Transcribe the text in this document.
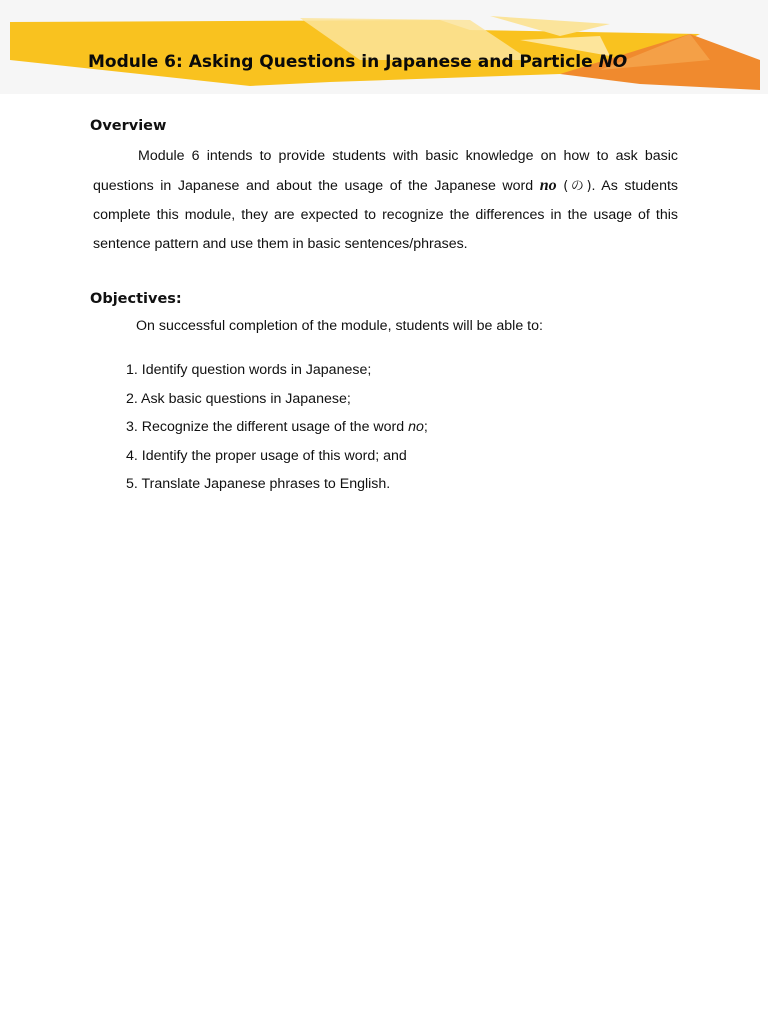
Module 6: Asking Questions in Japanese and Particle NO
Overview

Module 6 intends to provide students with basic knowledge on how to ask basic questions in Japanese and about the usage of the Japanese word no (の). As students complete this module, they are expected to recognize the differences in the usage of this sentence pattern and use them in basic sentences/phrases.

Objectives:

On successful completion of the module, students will be able to:

1. Identify question words in Japanese;
2. Ask basic questions in Japanese;
3. Recognize the different usage of the word no;
4. Identify the proper usage of this word; and
5. Translate Japanese phrases to English.
